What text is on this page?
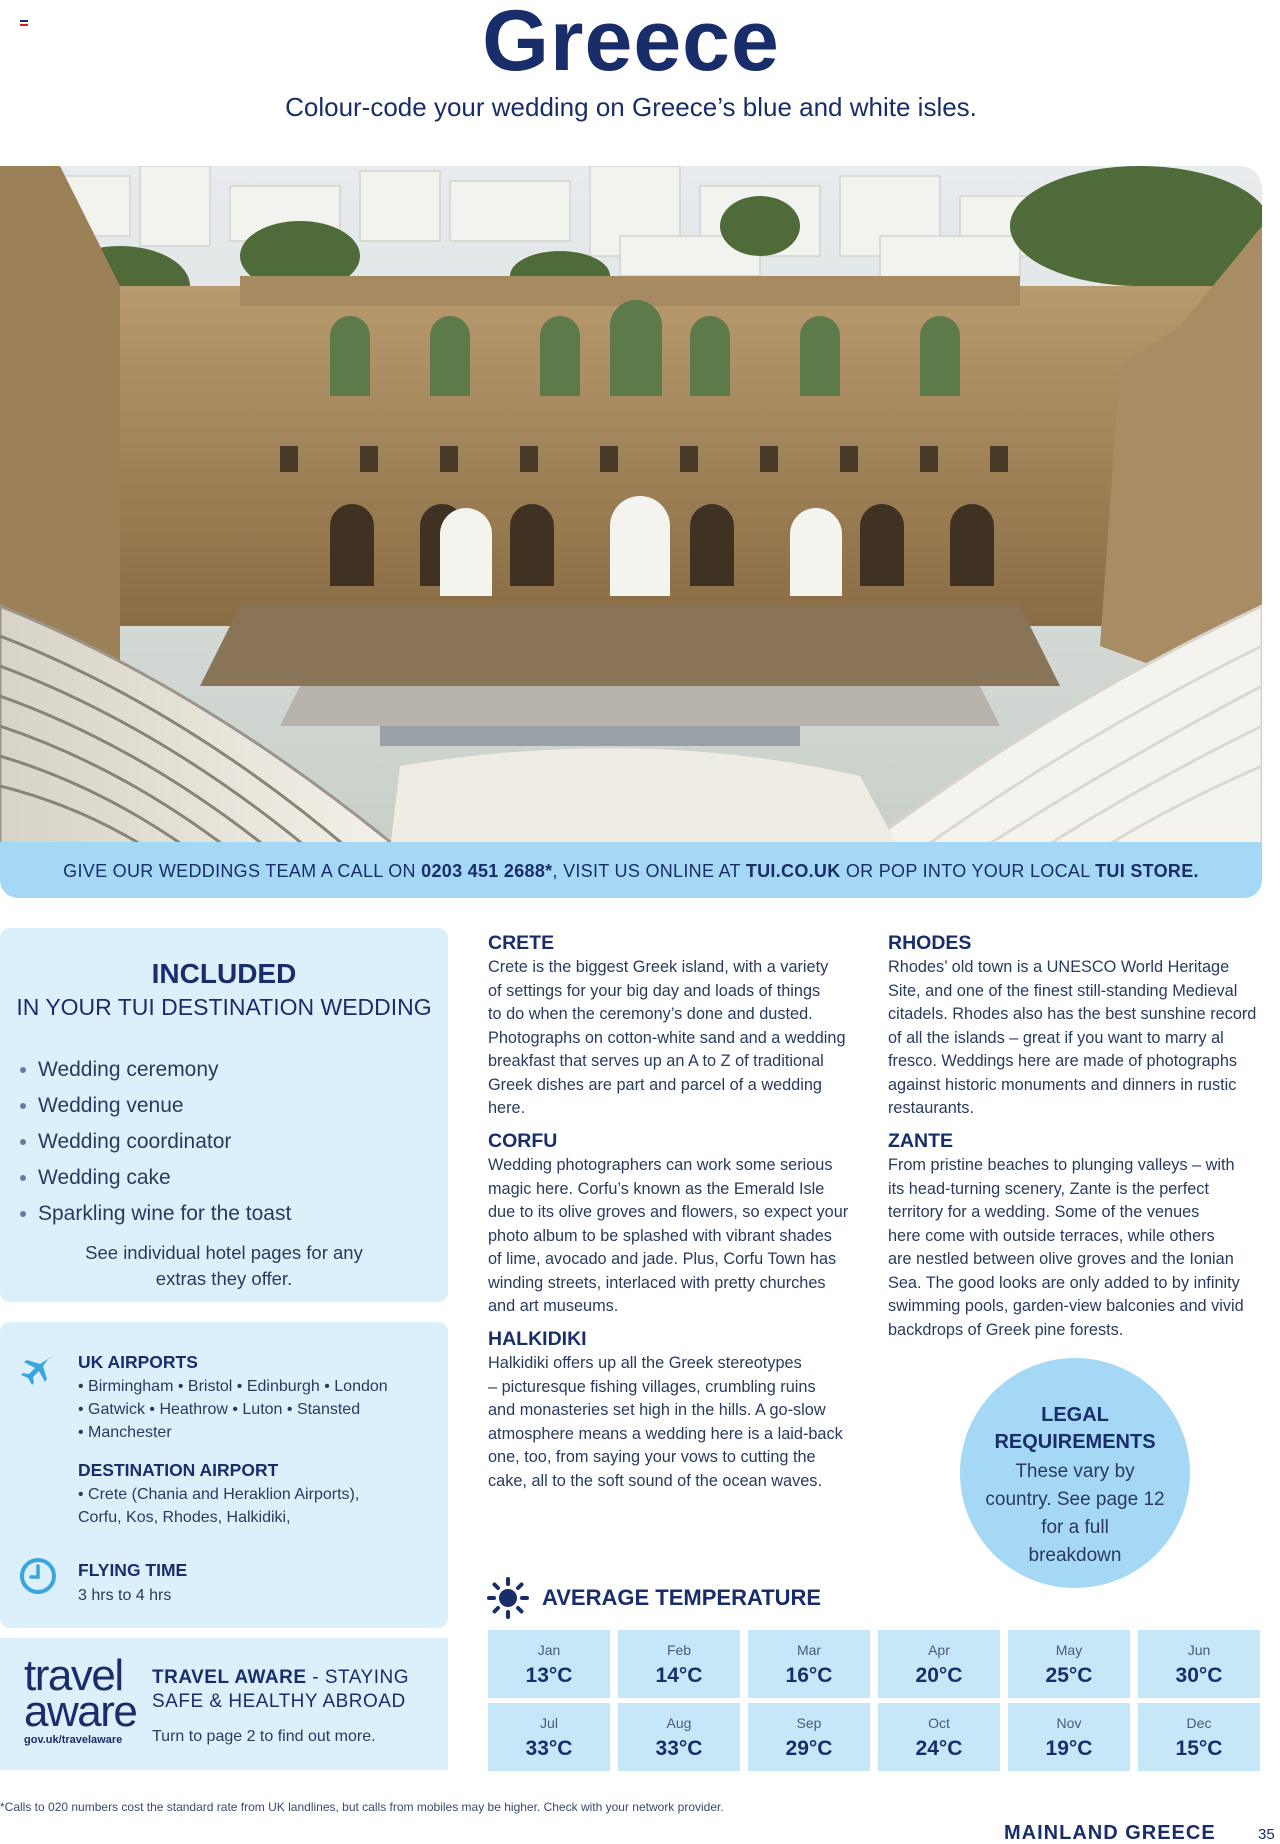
Greece
Colour-code your wedding on Greece’s blue and white isles.
GIVE OUR WEDDINGS TEAM A CALL ON 0203 451 2688*, VISIT US ONLINE AT TUI.CO.UK OR POP INTO YOUR LOCAL TUI STORE.
INCLUDED
IN YOUR TUI DESTINATION WEDDING
Wedding ceremony
Wedding venue
Wedding coordinator
Wedding cake
Sparkling wine for the toast
See individual hotel pages for any extras they offer.
UK AIRPORTS
• Birmingham • Bristol • Edinburgh • London
• Gatwick • Heathrow • Luton • Stansted
• Manchester
DESTINATION AIRPORT
• Crete (Chania and Heraklion Airports),
Corfu, Kos, Rhodes, Halkidiki,
FLYING TIME
3 hrs to 4 hrs
travel
aware
gov.uk/travelaware
TRAVEL AWARE - STAYING
SAFE & HEALTHY ABROAD
Turn to page 2 to find out more.
CRETE
Crete is the biggest Greek island, with a variety
of settings for your big day and loads of things
to do when the ceremony’s done and dusted.
Photographs on cotton-white sand and a wedding
breakfast that serves up an A to Z of traditional
Greek dishes are part and parcel of a wedding
here.
CORFU
Wedding photographers can work some serious
magic here. Corfu’s known as the Emerald Isle
due to its olive groves and flowers, so expect your
photo album to be splashed with vibrant shades
of lime, avocado and jade. Plus, Corfu Town has
winding streets, interlaced with pretty churches
and art museums.
HALKIDIKI
Halkidiki offers up all the Greek stereotypes
– picturesque fishing villages, crumbling ruins
and monasteries set high in the hills. A go-slow
atmosphere means a wedding here is a laid-back
one, too, from saying your vows to cutting the
cake, all to the soft sound of the ocean waves.
RHODES
Rhodes’ old town is a UNESCO World Heritage
Site, and one of the finest still-standing Medieval
citadels. Rhodes also has the best sunshine record
of all the islands – great if you want to marry al
fresco. Weddings here are made of photographs
against historic monuments and dinners in rustic
restaurants.
ZANTE
From pristine beaches to plunging valleys – with
its head-turning scenery, Zante is the perfect
territory for a wedding. Some of the venues
here come with outside terraces, while others
are nestled between olive groves and the Ionian
Sea. The good looks are only added to by infinity
swimming pools, garden-view balconies and vivid
backdrops of Greek pine forests.
LEGAL
REQUIREMENTS
These vary by
country. See page 12
for a full
breakdown
AVERAGE TEMPERATURE
Jan
13°C
Feb
14°C
Mar
16°C
Apr
20°C
May
25°C
Jun
30°C
Jul
33°C
Aug
33°C
Sep
29°C
Oct
24°C
Nov
19°C
Dec
15°C
*Calls to 020 numbers cost the standard rate from UK landlines, but calls from mobiles may be higher. Check with your network provider.
MAINLAND GREECE	35
